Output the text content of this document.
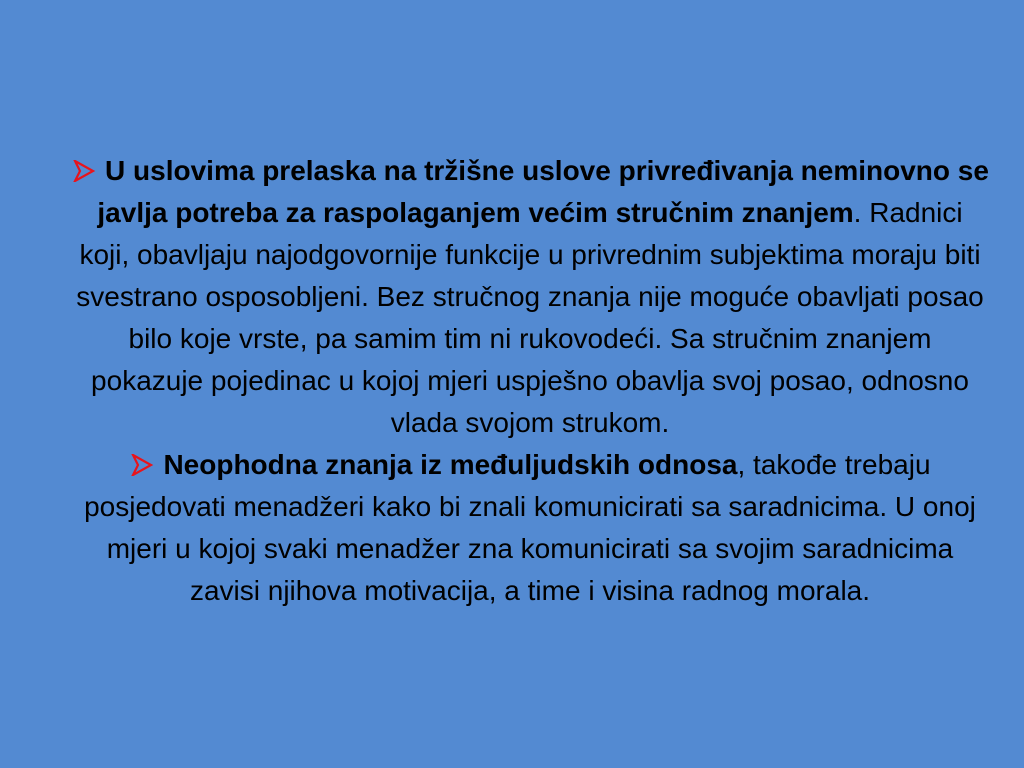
U uslovima prelaska na tržišne uslove privređivanja neminovno se javlja potreba za raspolaganjem većim stručnim znanjem. Radnici koji, obavljaju najodgovornije funkcije u privrednim subjektima moraju biti svestrano osposobljeni. Bez stručnog znanja nije moguće obavljati posao bilo koje vrste, pa samim tim ni rukovodeći. Sa stručnim znanjem pokazuje pojedinac u kojoj mjeri uspješno obavlja svoj posao, odnosno vlada svojom strukom.

Neophodna znanja iz međuljudskih odnosa, takođe trebaju posjedovati menadžeri kako bi znali komunicirati sa saradnicima. U onoj mjeri u kojoj svaki menadžer zna komunicirati sa svojim saradnicima zavisi njihova motivacija, a time i visina radnog morala.
